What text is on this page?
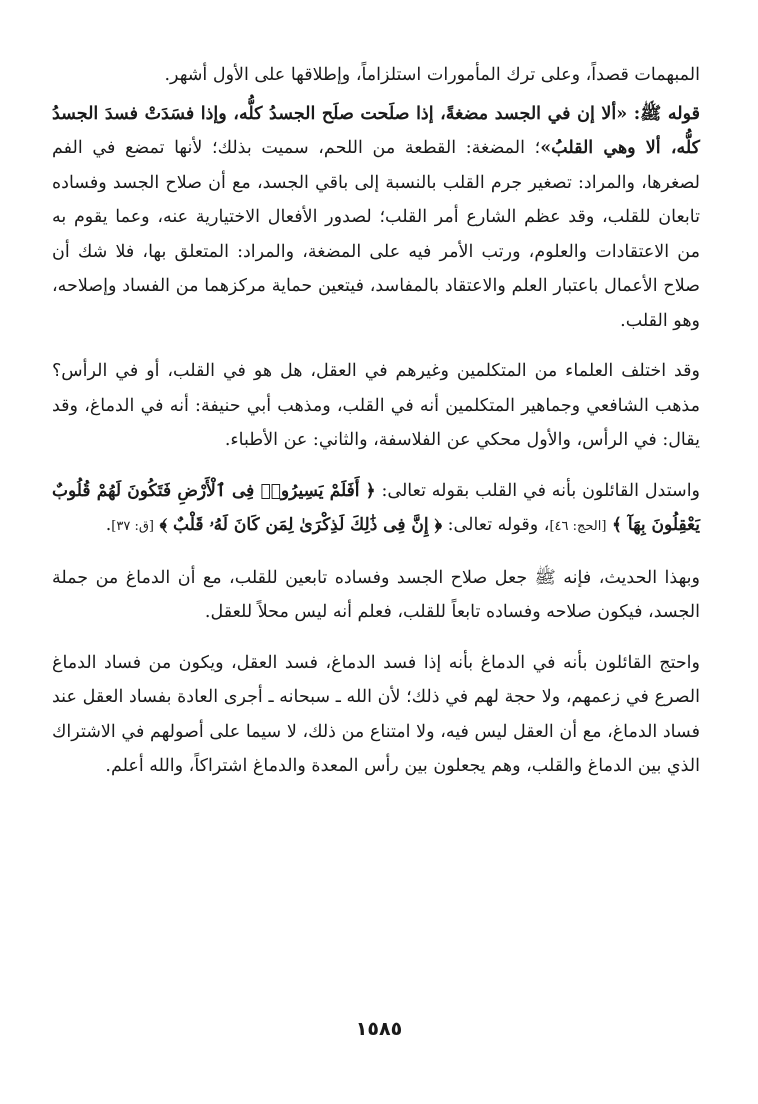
المبهمات قصداً، وعلى ترك المأمورات استلزاماً، وإطلاقها على الأول أشهر.

قوله ﷺ: «ألا إن في الجسد مضغةً، إذا صلَحت صلَح الجسدُ كلُّه، وإذا فسَدَتْ فسدَ الجسدُ كلُّه، ألا وهي القلبُ»؛ المضغة: القطعة من اللحم، سميت بذلك؛ لأنها تمضع في الفم لصغرها، والمراد: تصغير جرم القلب بالنسبة إلى باقي الجسد، مع أن صلاح الجسد وفساده تابعان للقلب، وقد عظم الشارع أمر القلب؛ لصدور الأفعال الاختيارية عنه، وعما يقوم به من الاعتقادات والعلوم، ورتب الأمر فيه على المضغة، والمراد: المتعلق بها، فلا شك أن صلاح الأعمال باعتبار العلم والاعتقاد بالمفاسد، فيتعين حماية مركزهما من الفساد وإصلاحه، وهو القلب.

وقد اختلف العلماء من المتكلمين وغيرهم في العقل، هل هو في القلب، أو في الرأس؟ مذهب الشافعي وجماهير المتكلمين أنه في القلب، ومذهب أبي حنيفة: أنه في الدماغ، وقد يقال: في الرأس، والأول محكي عن الفلاسفة، والثاني: عن الأطباء.

واستدل القائلون بأنه في القلب بقوله تعالى: ﴿ أَفَلَمْ يَسِيرُوا۟ فِى ٱلْأَرْضِ فَتَكُونَ لَهُمْ قُلُوبٌ يَعْقِلُونَ بِهَآ ﴾ [الحج: ٤٦]، وقوله تعالى: ﴿ إِنَّ فِى ذَٰلِكَ لَذِكْرَىٰ لِمَن كَانَ لَهُۥ قَلْبٌ ﴾ [ق: ٣٧].

وبهذا الحديث، فإنه ﷺ جعل صلاح الجسد وفساده تابعين للقلب، مع أن الدماغ من جملة الجسد، فيكون صلاحه وفساده تابعاً للقلب، فعلم أنه ليس محلاً للعقل.

واحتج القائلون بأنه في الدماغ بأنه إذا فسد الدماغ، فسد العقل، ويكون من فساد الدماغ الصرع في زعمهم، ولا حجة لهم في ذلك؛ لأن الله ـ سبحانه ـ أجرى العادة بفساد العقل عند فساد الدماغ، مع أن العقل ليس فيه، ولا امتناع من ذلك، لا سيما على أصولهم في الاشتراك الذي بين الدماغ والقلب، وهم يجعلون بين رأس المعدة والدماغ اشتراكاً، والله أعلم.

١٥٨٥
